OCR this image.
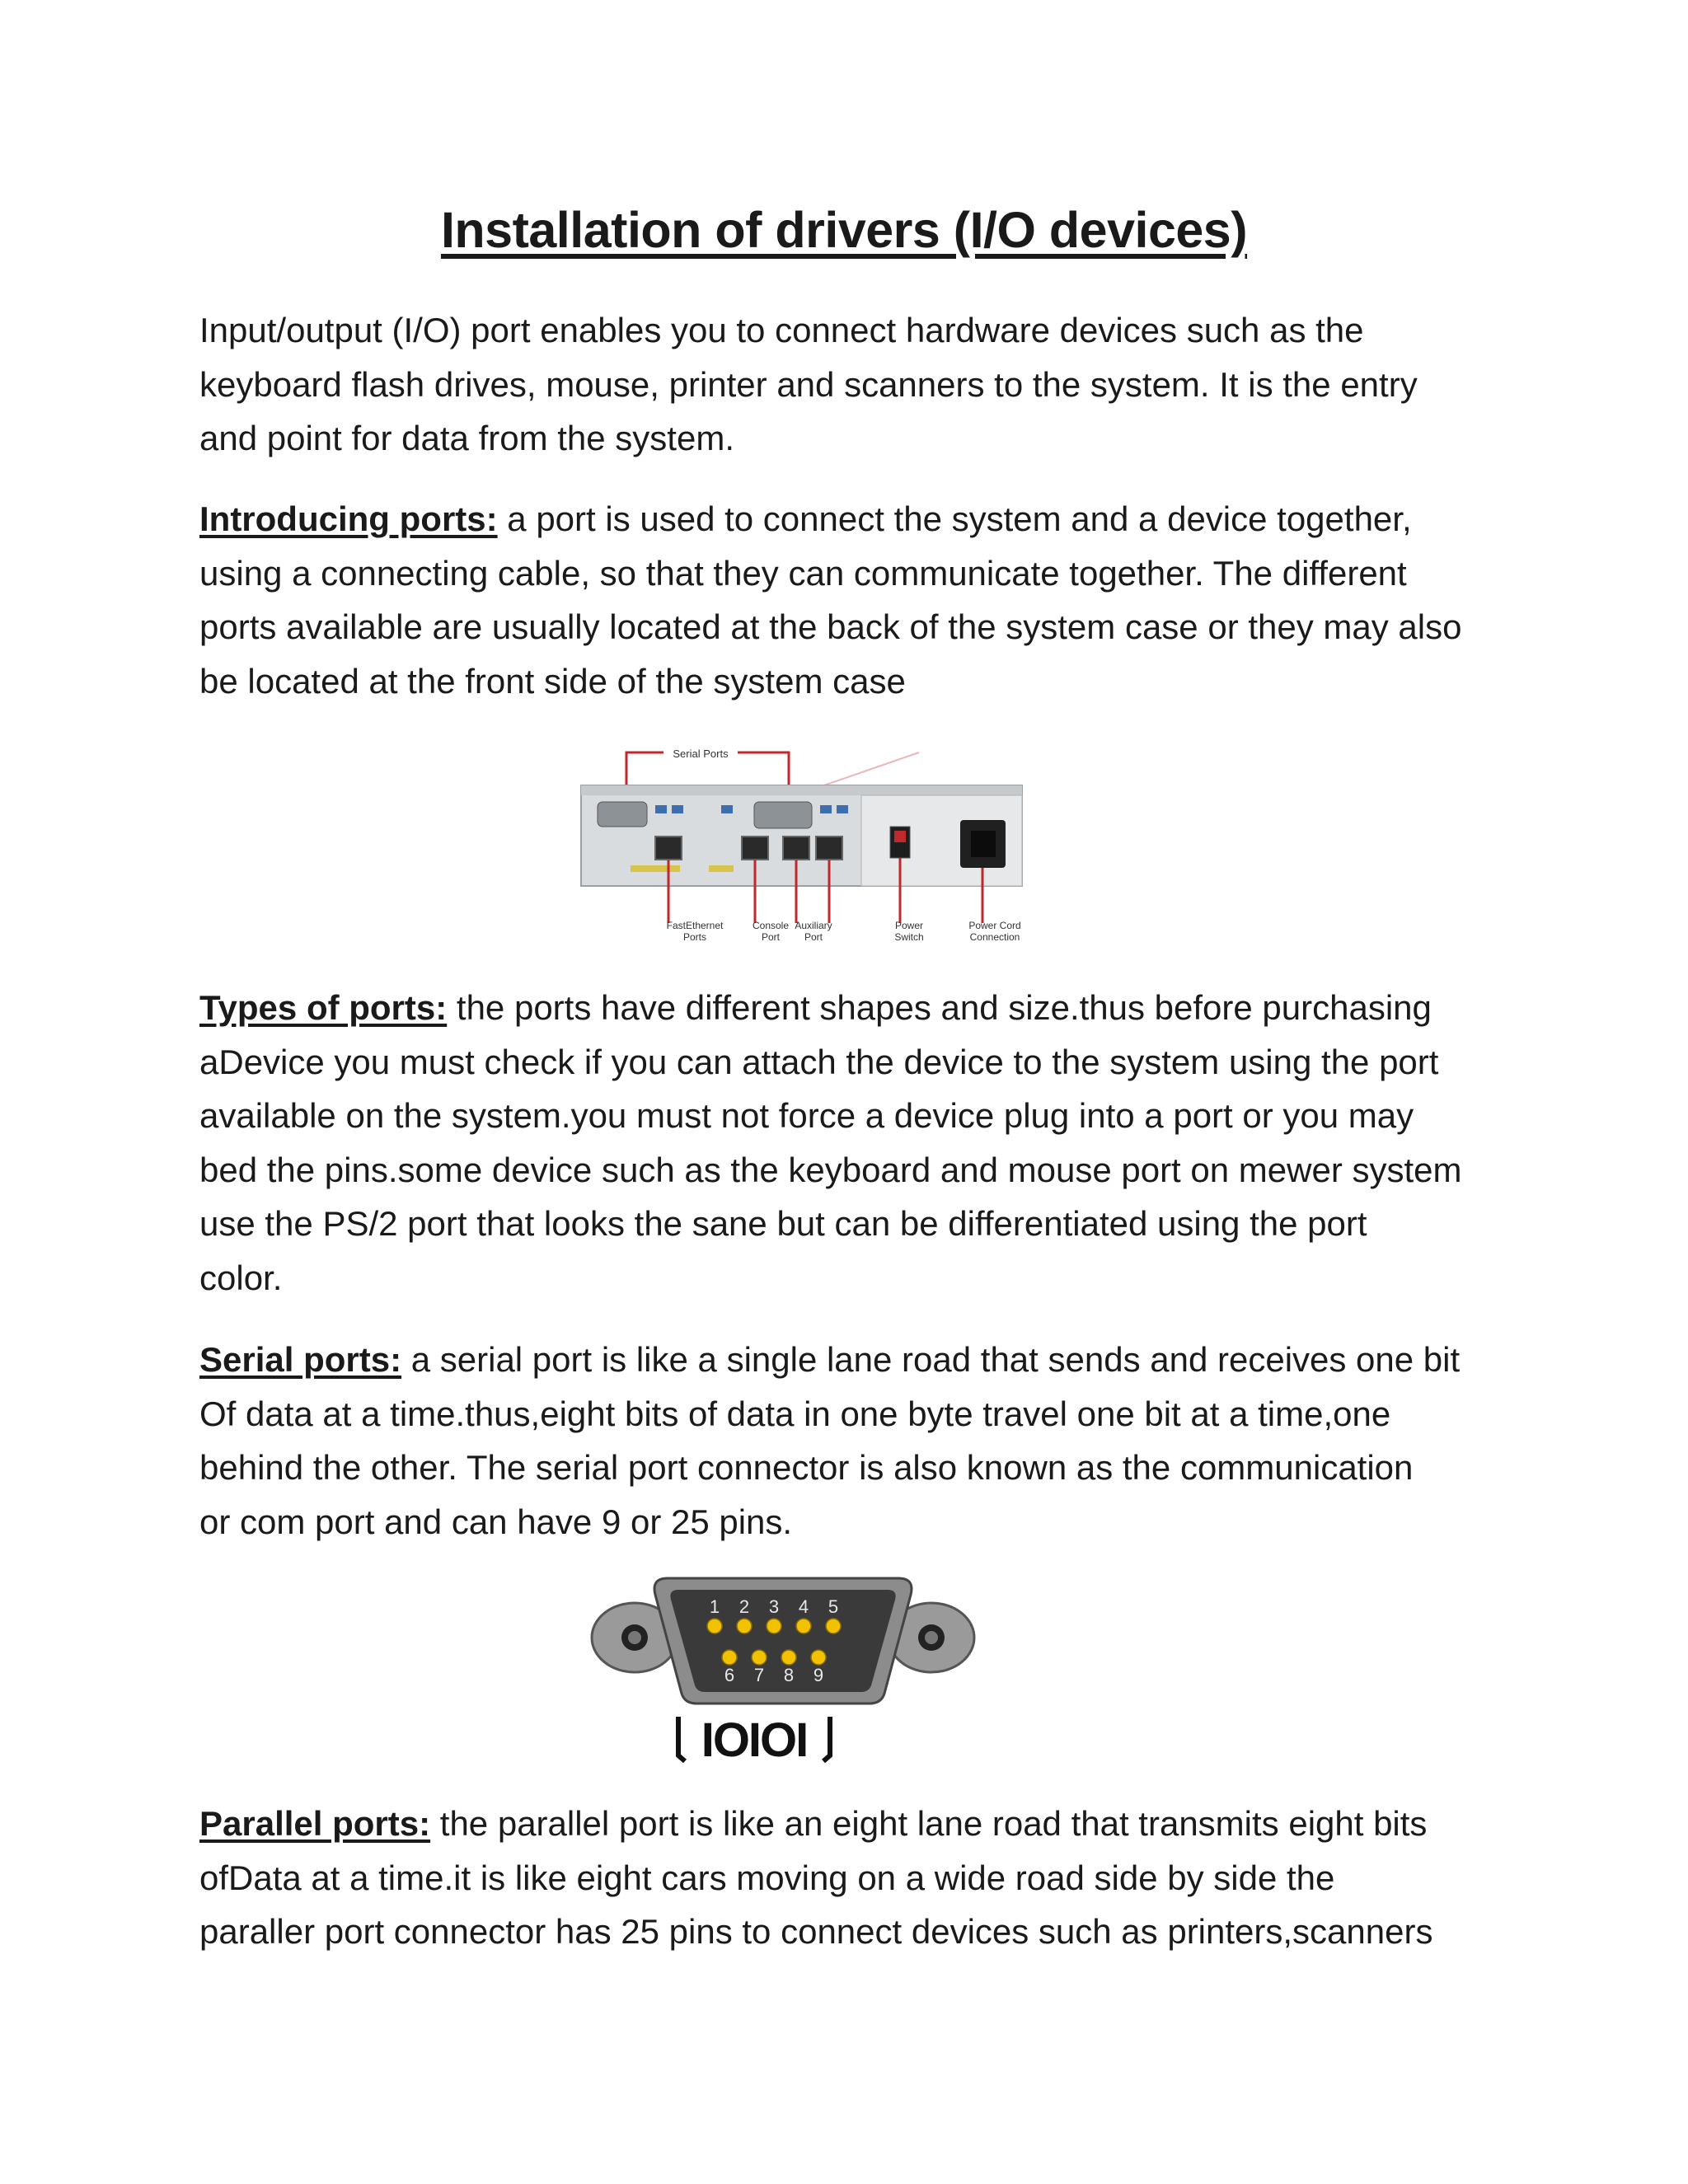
Installation of drivers (I/O devices)
Input/output (I/O) port enables you to connect hardware devices such as the
keyboard flash drives, mouse, printer and scanners to the system. It is the entry
and point for data from the system.
Introducing ports: a port is used to connect the system and a device together,
using a connecting cable, so that they can communicate together. The different
ports available are usually located at the back of the system case or they may also
be located at the front side of the system case
Serial Ports
FastEthernet
Ports
Console
Port
Auxiliary
Port
Power
Switch
Power Cord
Connection
Types of ports: the ports have different shapes and size.thus before purchasing
aDevice you must check if you can attach the device to the system using the port
available on the system.you must not force a device plug into a port or you may
bed the pins.some device such as the keyboard and mouse port on mewer system
use the PS/2 port that looks the sane but can be differentiated using the port
color.
Serial ports: a serial port is like a single lane road that sends and receives one bit
Of data at a time.thus,eight bits of data in one byte travel one bit at a time,one
behind the other. The serial port connector is also known as the communication
or com port and can have 9 or 25 pins.
1 2 3 4 5
6 7 8 9
IOIOI
Parallel ports: the parallel port is like an eight lane road that transmits eight bits
ofData at a time.it is like eight cars moving on a wide road side by side the
paraller port connector has 25 pins to connect devices such as printers,scanners
